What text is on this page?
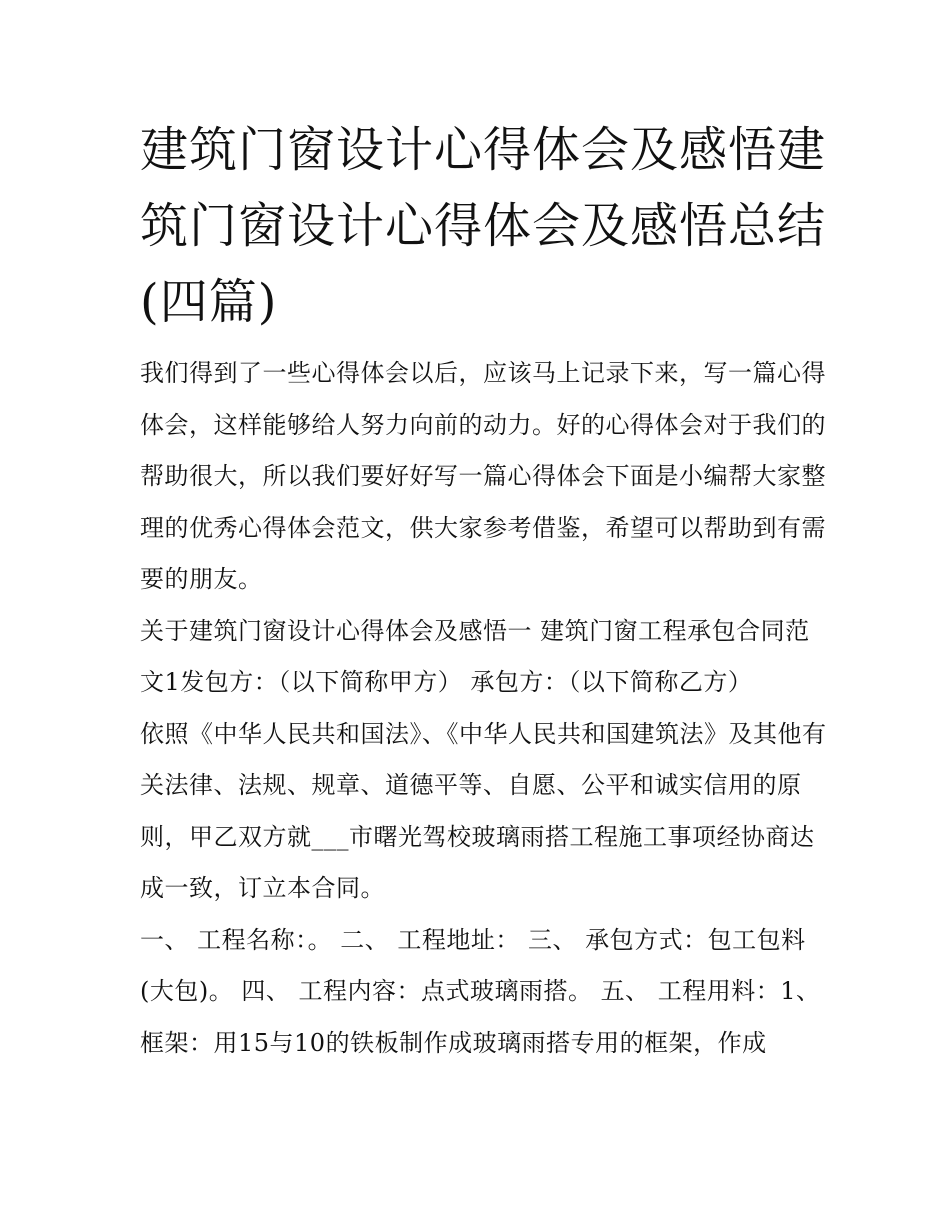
建筑门窗设计心得体会及感悟建筑门窗设计心得体会及感悟总结(四篇)

我们得到了一些心得体会以后，应该马上记录下来，写一篇心得体会，这样能够给人努力向前的动力。好的心得体会对于我们的帮助很大，所以我们要好好写一篇心得体会下面是小编帮大家整理的优秀心得体会范文，供大家参考借鉴，希望可以帮助到有需要的朋友。

关于建筑门窗设计心得体会及感悟一 建筑门窗工程承包合同范文1发包方：（以下简称甲方） 承包方：（以下简称乙方）

依照《中华人民共和国法》、《中华人民共和国建筑法》及其他有关法律、法规、规章、道德平等、自愿、公平和诚实信用的原则，甲乙双方就___市曙光驾校玻璃雨搭工程施工事项经协商达成一致，订立本合同。

一、 工程名称：。 二、 工程地址： 三、 承包方式：包工包料(大包)。 四、 工程内容：点式玻璃雨搭。 五、 工程用料：1、框架：用15与10的铁板制作成玻璃雨搭专用的框架，作成
